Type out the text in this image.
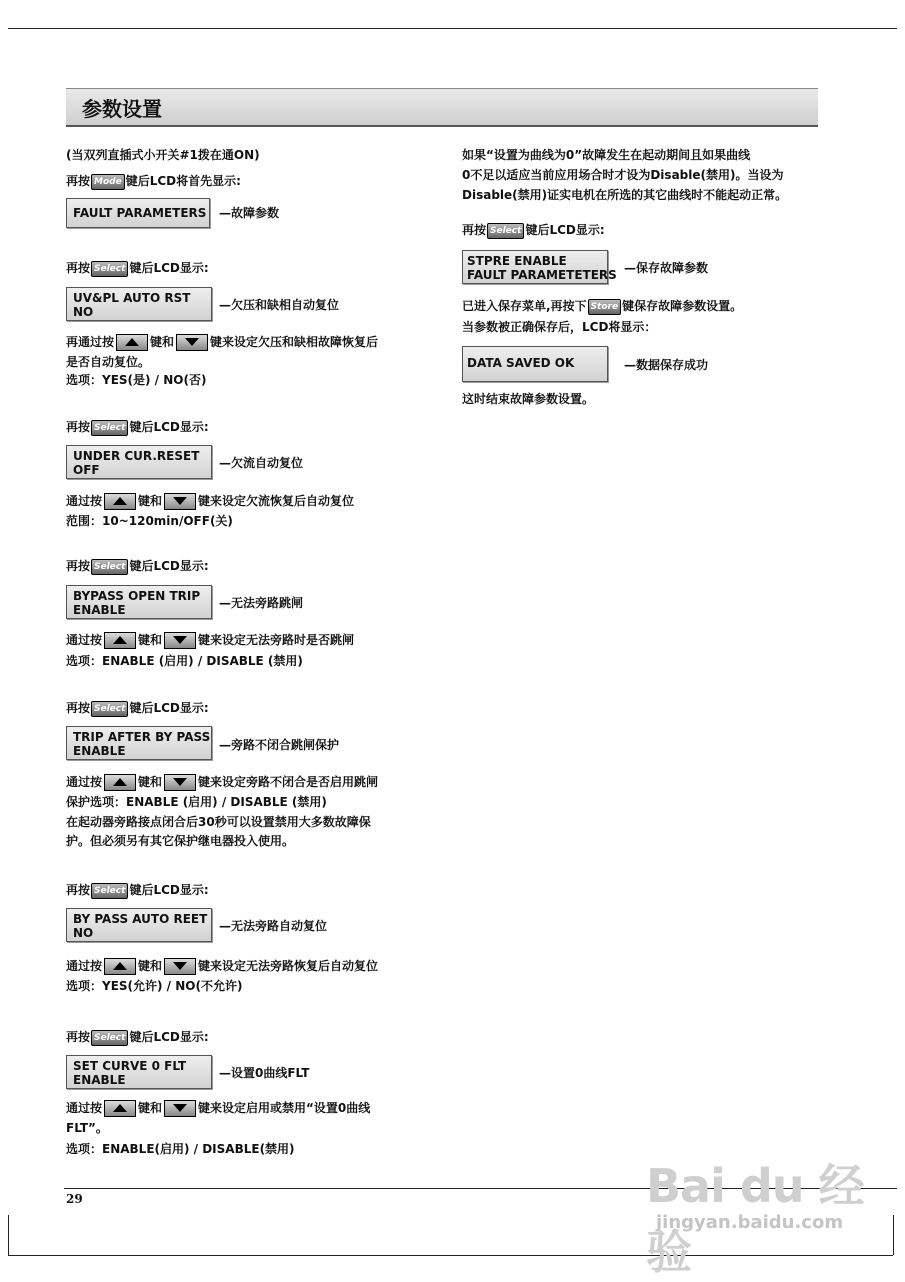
参数设置
(当双列直插式小开关#1拨在通ON)
再按 Mode 键后LCD将首先显示:
FAULT PARAMETERS —故障参数
再按 Select 键后LCD显示:
UV&PL AUTO RST
NO	—欠压和缺相自动复位
再通过按	键和	键来设定欠压和缺相故障恢复后
是否自动复位。
选项：YES(是) / NO(否)
再按 Select 键后LCD显示:
UNDER CUR.RESET
OFF	—欠流自动复位
通过按	键和	键来设定欠流恢复后自动复位
范围：10~120min/OFF(关)
再按 Select 键后LCD显示:
BYPASS OPEN TRIP
ENABLE	—无法旁路跳闸
通过按	键和	键来设定无法旁路时是否跳闸
选项：ENABLE (启用) / DISABLE (禁用)
再按 Select 键后LCD显示:
TRIP AFTER BY PASS
ENABLE	—旁路不闭合跳闸保护
通过按	键和	键来设定旁路不闭合是否启用跳闸
保护选项：ENABLE (启用) / DISABLE (禁用)
在起动器旁路接点闭合后30秒可以设置禁用大多数故障保
护。但必须另有其它保护继电器投入使用。
再按 Select 键后LCD显示:
BY PASS AUTO REET
NO	—无法旁路自动复位
通过按	键和	键来设定无法旁路恢复后自动复位
选项：YES(允许) / NO(不允许)
再按 Select 键后LCD显示:
SET CURVE 0 FLT
ENABLE	—设置0曲线FLT
通过按	键和	键来设定启用或禁用“设置0曲线
FLT”。
选项：ENABLE(启用) / DISABLE(禁用)
如果“设置为曲线为0”故障发生在起动期间且如果曲线
0不足以适应当前应用场合时才设为Disable(禁用)。当设为
Disable(禁用)证实电机在所选的其它曲线时不能起动正常。
再按 Select 键后LCD显示:
STPRE ENABLE
FAULT PARAMETETERS —保存故障参数
已进入保存菜单,再按下 Store 键保存故障参数设置。
当参数被正确保存后，LCD将显示：
DATA SAVED OK	—数据保存成功
这时结束故障参数设置。
29	Bai du 经验
jingyan.baidu.com
